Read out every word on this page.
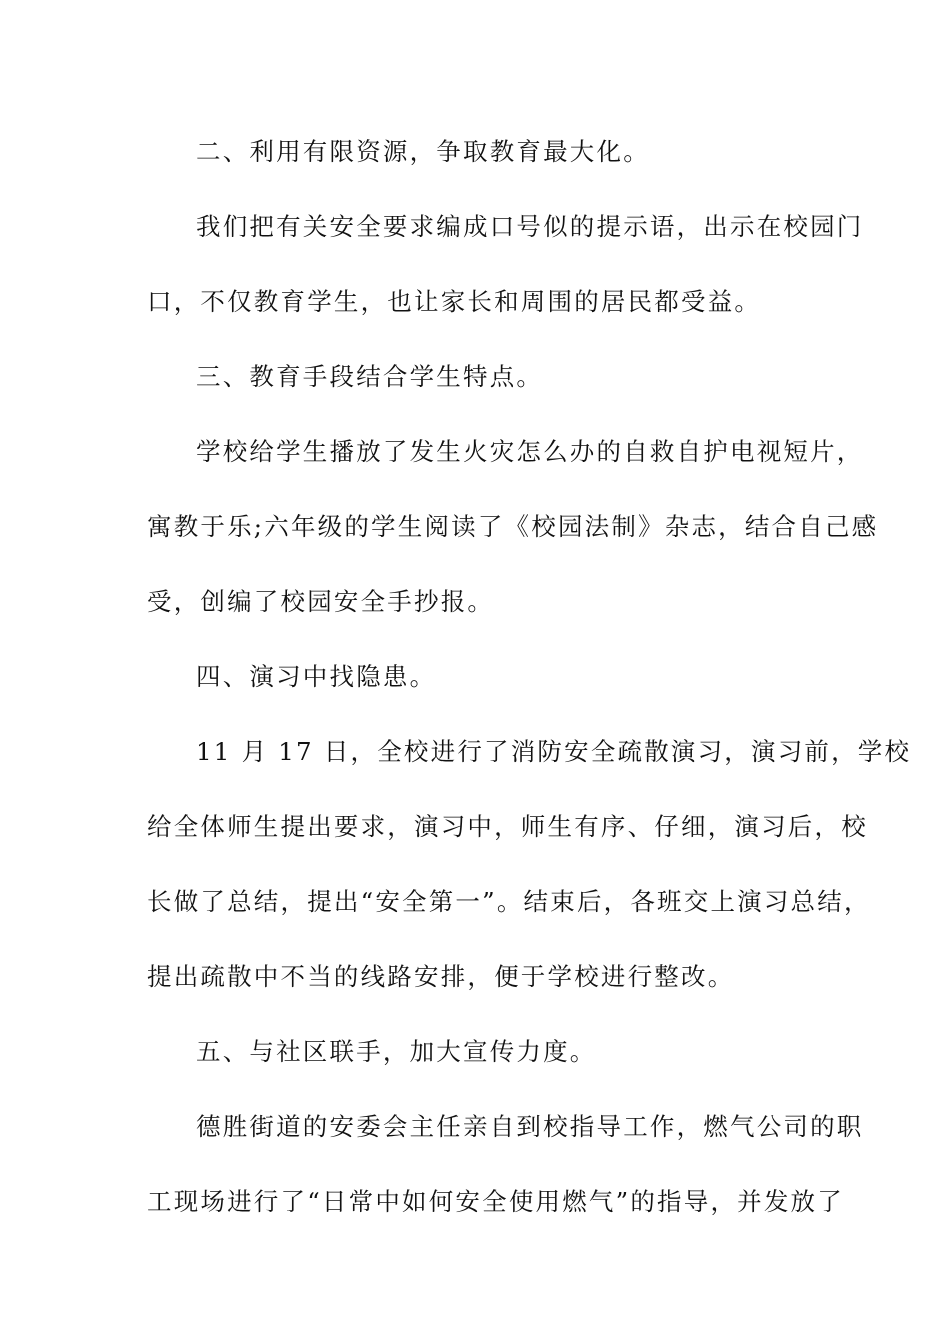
二、利用有限资源，争取教育最大化。

我们把有关安全要求编成口号似的提示语，出示在校园门

口，不仅教育学生，也让家长和周围的居民都受益。

三、教育手段结合学生特点。

学校给学生播放了发生火灾怎么办的自救自护电视短片，

寓教于乐;六年级的学生阅读了《校园法制》杂志，结合自己感

受，创编了校园安全手抄报。

四、演习中找隐患。

11 月 17 日，全校进行了消防安全疏散演习，演习前，学校

给全体师生提出要求，演习中，师生有序、仔细，演习后，校

长做了总结，提出“安全第一”。结束后，各班交上演习总结，

提出疏散中不当的线路安排，便于学校进行整改。

五、与社区联手，加大宣传力度。

德胜街道的安委会主任亲自到校指导工作，燃气公司的职

工现场进行了“日常中如何安全使用燃气”的指导，并发放了
